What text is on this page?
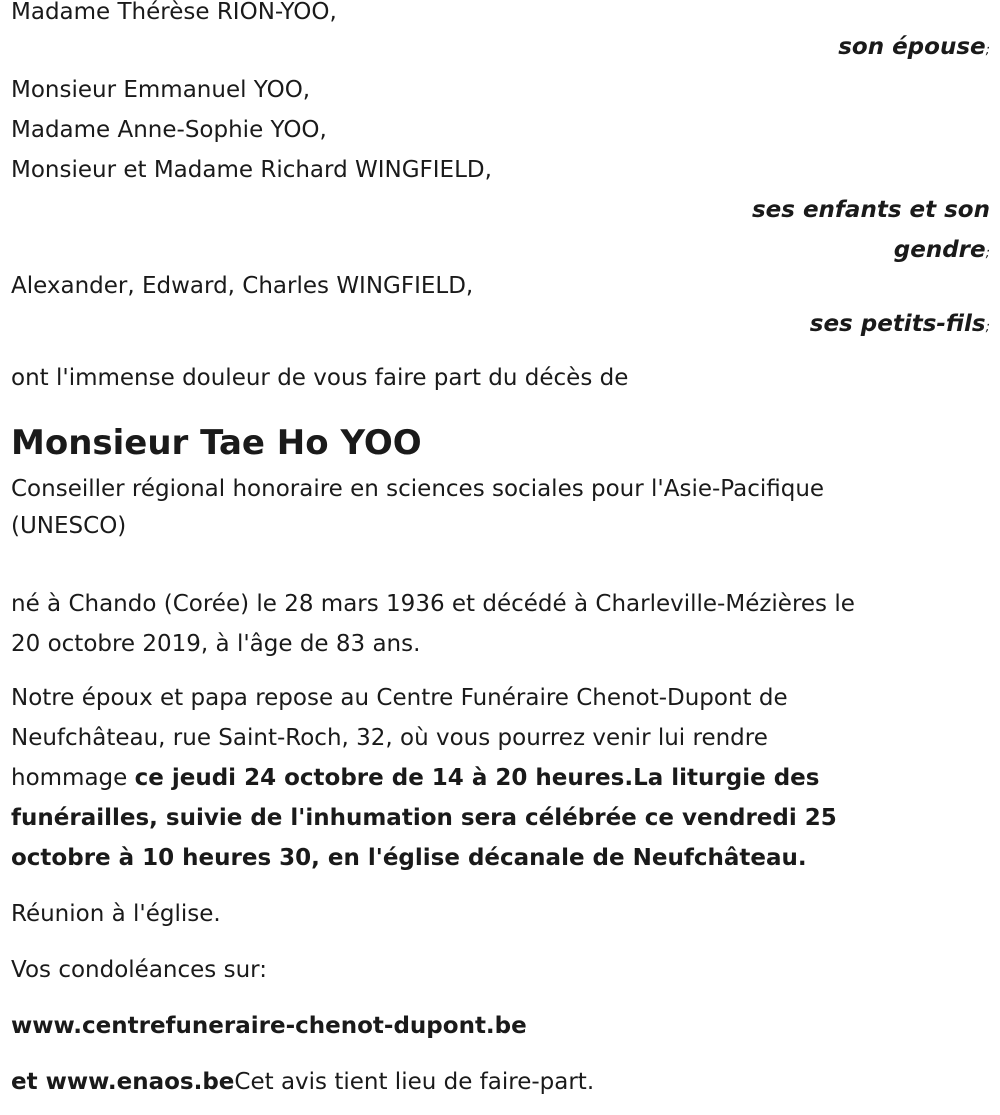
Madame Thérèse RION-YOO,
son épouse;
Monsieur Emmanuel YOO,
Madame Anne-Sophie YOO,
Monsieur et Madame Richard WINGFIELD,
ses enfants et son
gendre;
Alexander, Edward, Charles WINGFIELD,
ses petits-fils;
ont l'immense douleur de vous faire part du décès de
Monsieur Tae Ho YOO
Conseiller régional honoraire en sciences sociales pour l'Asie-Pacifique
(UNESCO)
né à Chando (Corée) le 28 mars 1936 et décédé à Charleville-Mézières le
20 octobre 2019, à l'âge de 83 ans.
Notre époux et papa repose au Centre Funéraire Chenot-Dupont de
Neufchâteau, rue Saint-Roch, 32, où vous pourrez venir lui rendre
hommage ce jeudi 24 octobre de 14 à 20 heures.La liturgie des
funérailles, suivie de l'inhumation sera célébrée ce vendredi 25
octobre à 10 heures 30, en l'église décanale de Neufchâteau.
Réunion à l'église.
Vos condoléances sur:
www.centrefuneraire-chenot-dupont.be
et www.enaos.beCet avis tient lieu de faire-part.
